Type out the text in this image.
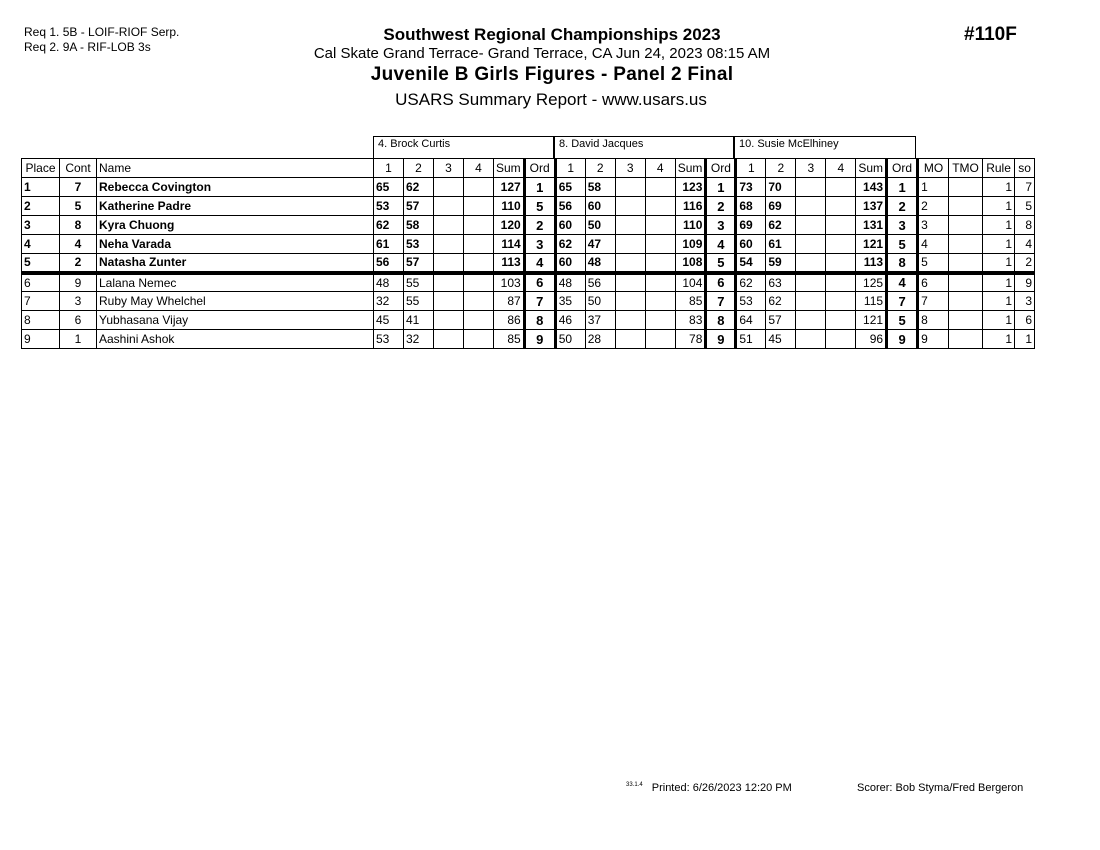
Req 1. 5B - LOIF-RIOF Serp.
Req 2. 9A - RIF-LOB 3s
#110F
Southwest Regional Championships 2023
Cal Skate Grand Terrace- Grand Terrace, CA Jun 24, 2023 08:15 AM
Juvenile B Girls Figures - Panel 2 Final
USARS Summary Report - www.usars.us
4. Brock Curtis	8. David Jacques	10. Susie McElhiney
Place	Cont	Name	1	2	3	4	Sum	Ord	1	2	3	4	Sum	Ord	1	2	3	4	Sum	Ord	MO	TMO	Rule	so
1	7	Rebecca Covington	65	62			127	1	65	58			123	1	73	70			143	1	1		1	7
2	5	Katherine Padre	53	57			110	5	56	60			116	2	68	69			137	2	2		1	5
3	8	Kyra Chuong	62	58			120	2	60	50			110	3	69	62			131	3	3		1	8
4	4	Neha Varada	61	53			114	3	62	47			109	4	60	61			121	5	4		1	4
5	2	Natasha Zunter	56	57			113	4	60	48			108	5	54	59			113	8	5		1	2
6	9	Lalana Nemec	48	55			103	6	48	56			104	6	62	63			125	4	6		1	9
7	3	Ruby May Whelchel	32	55			87	7	35	50			85	7	53	62			115	7	7		1	3
8	6	Yubhasana Vijay	45	41			86	8	46	37			83	8	64	57			121	5	8		1	6
9	1	Aashini Ashok	53	32			85	9	50	28			78	9	51	45			96	9	9		1	1
$^{33.1.4}$ Printed: 6/26/2023 12:20 PM	Scorer: Bob Styma/Fred Bergeron
